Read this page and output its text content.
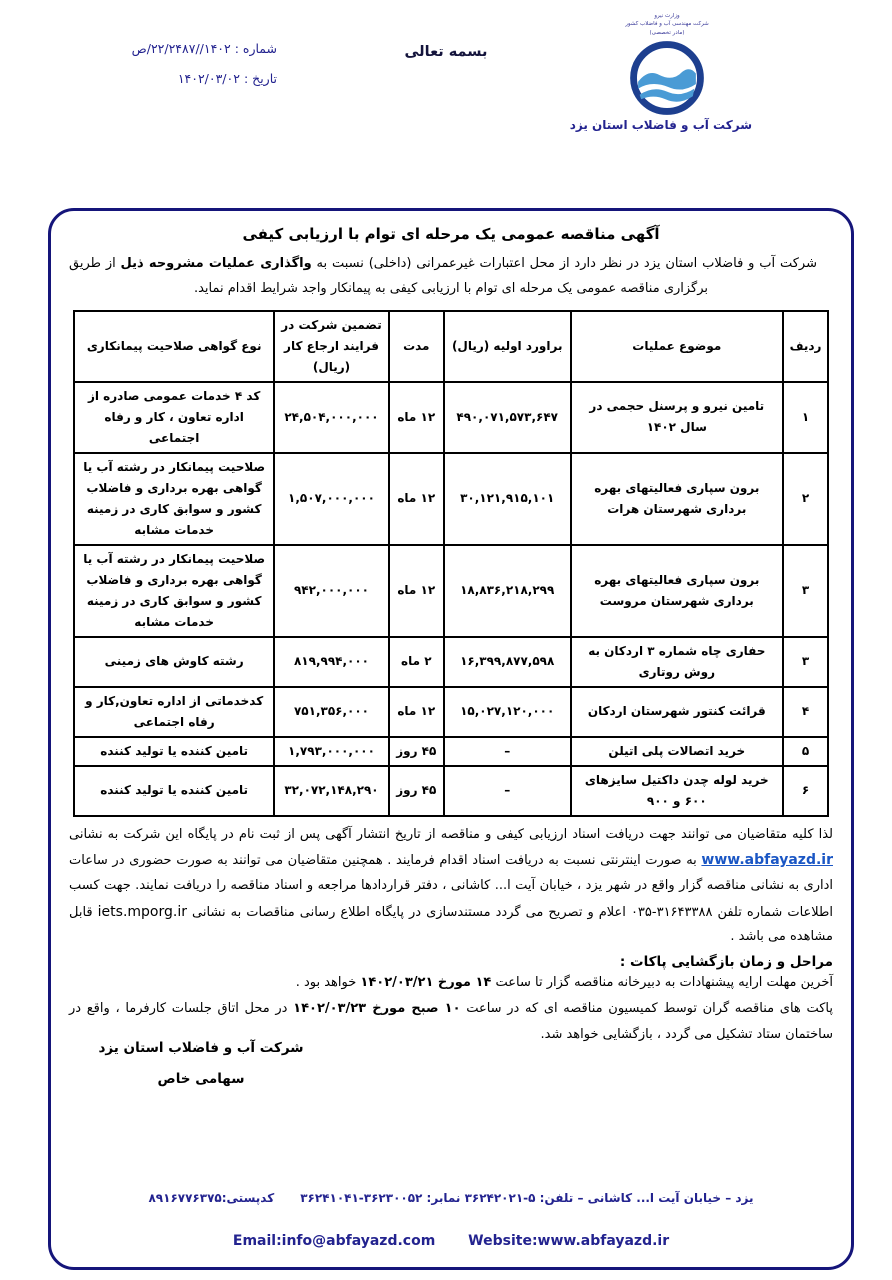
شماره : ۱۴۰۲//۲۲/۲۴۸۷/ص
تاریخ : ۱۴۰۲/۰۳/۰۲
بسمه تعالی
وزارت نیرو
شرکت مهندسی آب و فاضلاب کشور
(مادر تخصصی)
شرکت آب و فاضلاب استان یزد
آگهی مناقصه عمومی یک مرحله ای توام با ارزیابی کیفی
شرکت آب و فاضلاب استان یزد در نظر دارد از محل اعتبارات غیرعمرانی (داخلی) نسبت به واگذاری عملیات مشروحه ذیل از طریق برگزاری مناقصه عمومی یک مرحله ای توام با ارزیابی کیفی به پیمانکار واجد شرایط اقدام نماید.
ردیف	موضوع عملیات	براورد اولیه (ریال)	مدت	تضمین شرکت در فرایند ارجاع کار (ریال)	نوع گواهی صلاحیت پیمانکاری
۱	تامین نیرو و پرسنل حجمی در سال ۱۴۰۲	۴۹۰,۰۷۱,۵۷۳,۶۴۷	۱۲ ماه	۲۴,۵۰۴,۰۰۰,۰۰۰	کد ۴ خدمات عمومی صادره از اداره تعاون ، کار و رفاه اجتماعی
۲	برون سپاری فعالیتهای بهره برداری شهرستان هرات	۳۰,۱۲۱,۹۱۵,۱۰۱	۱۲ ماه	۱,۵۰۷,۰۰۰,۰۰۰	صلاحیت پیمانکار در رشته آب یا گواهی بهره برداری و فاضلاب کشور و سوابق کاری در زمینه خدمات مشابه
۳	برون سپاری فعالیتهای بهره برداری شهرستان مروست	۱۸,۸۳۶,۲۱۸,۲۹۹	۱۲ ماه	۹۴۲,۰۰۰,۰۰۰	صلاحیت پیمانکار در رشته آب یا گواهی بهره برداری و فاضلاب کشور و سوابق کاری در زمینه خدمات مشابه
۳	حفاری چاه شماره ۳ اردکان به روش روتاری	۱۶,۳۹۹,۸۷۷,۵۹۸	۲ ماه	۸۱۹,۹۹۴,۰۰۰	رشته کاوش های زمینی
۴	قرائت کنتور شهرستان اردکان	۱۵,۰۲۷,۱۲۰,۰۰۰	۱۲ ماه	۷۵۱,۳۵۶,۰۰۰	کدخدماتی از اداره تعاون,کار و رفاه اجتماعی
۵	خرید اتصالات پلی اتیلن	–	۴۵ روز	۱,۷۹۳,۰۰۰,۰۰۰	تامین کننده یا تولید کننده
۶	خرید لوله چدن داکتیل سایزهای ۶۰۰ و ۹۰۰	–	۴۵ روز	۳۲,۰۷۲,۱۴۸,۲۹۰	تامین کننده یا تولید کننده
لذا کلیه متقاضیان می توانند جهت دریافت اسناد ارزیابی کیفی و مناقصه از تاریخ انتشار آگهی پس از ثبت نام در پایگاه این شرکت به نشانی www.abfayazd.ir به صورت اینترنتی نسبت به دریافت اسناد اقدام فرمایند . همچنین متقاضیان می توانند به صورت حضوری در ساعات اداری به نشانی مناقصه گزار واقع در شهر یزد ، خیابان آیت ا... کاشانی ، دفتر قراردادها مراجعه و اسناد مناقصه را دریافت نمایند. جهت کسب اطلاعات شماره تلفن ۳۱۶۴۳۳۸۸-۰۳۵ اعلام و تصریح می گردد مستندسازی در پایگاه اطلاع رسانی مناقصات به نشانی iets.mporg.ir قابل مشاهده می باشد .
مراحل و زمان بازگشایی پاکات :
آخرین مهلت ارایه پیشنهادات به دبیرخانه مناقصه گزار تا ساعت ۱۴ مورخ ۱۴۰۲/۰۳/۲۱ خواهد بود .
پاکت های مناقصه گران توسط کمیسیون مناقصه ای که در ساعت ۱۰ صبح مورخ ۱۴۰۲/۰۳/۲۳ در محل اتاق جلسات کارفرما ، واقع در ساختمان ستاد تشکیل می گردد ، بازگشایی خواهد شد.
شرکت آب و فاضلاب استان یزد
سهامی خاص
یزد – خیابان آیت ا... کاشانی – تلفن: ۵-۳۶۲۴۲۰۲۱ نمابر: ۳۶۲۳۰۰۵۲-۳۶۲۴۱۰۴۱کدپستی:۸۹۱۶۷۷۶۳۷۵
Email:info@abfayazd.com Website:www.abfayazd.ir
